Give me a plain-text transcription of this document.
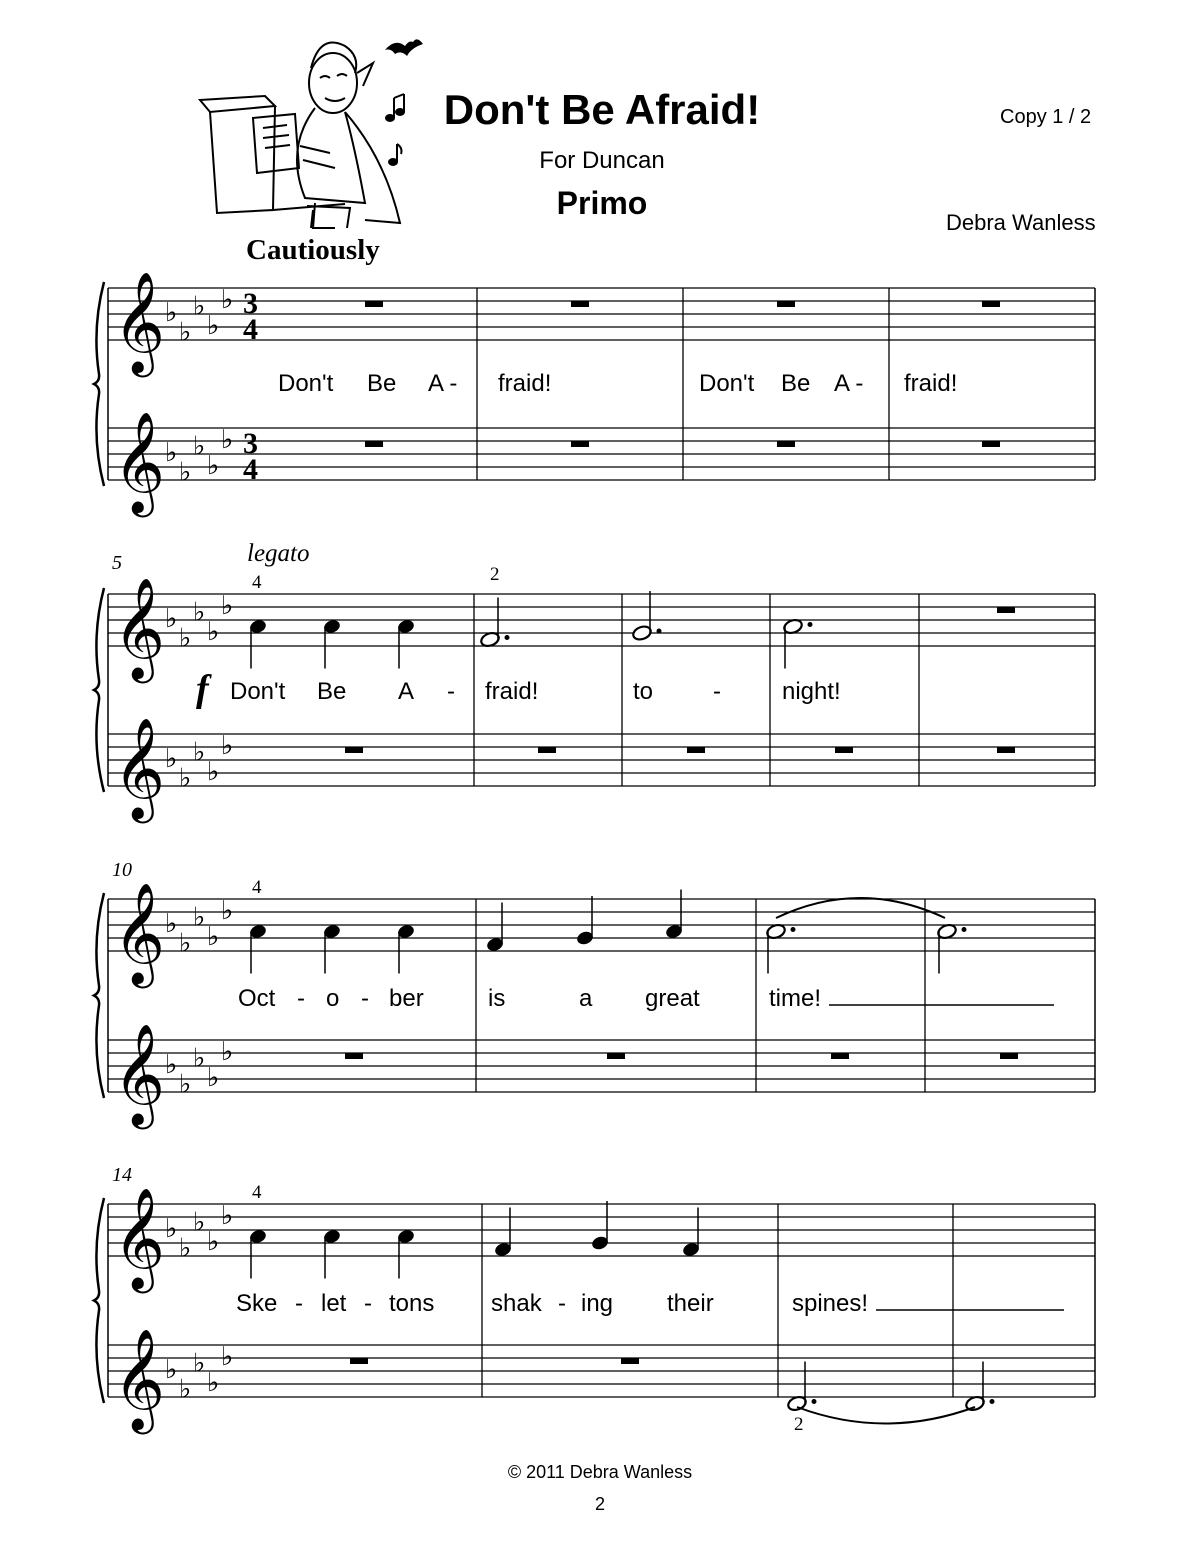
Don't Be Afraid!
For Duncan
Primo
Copy 1 / 2
Debra Wanless
Cautiously
𝄞 ♭
♭
♭
♭
♭ 3
4
𝄞 ♭
♭
♭
♭
♭ 3
4
𝄞 ♭
♭
♭
♭
♭
𝄞 ♭
♭
♭
♭
♭
𝄞 ♭
♭
♭
♭
♭
𝄞 ♭
♭
♭
♭
♭
𝄞 ♭
♭
♭
♭
♭
𝄞 ♭
♭
♭
♭
♭
Don't Be A - fraid!	Don't Be A - fraid!
5	legato
4	2
f Don't Be A - fraid!	to -	night!
10
4
Oct - o - ber	is	a great	time!
14
4
2
Ske - let - tons shak - ing their	spines!
© 2011 Debra Wanless
2
